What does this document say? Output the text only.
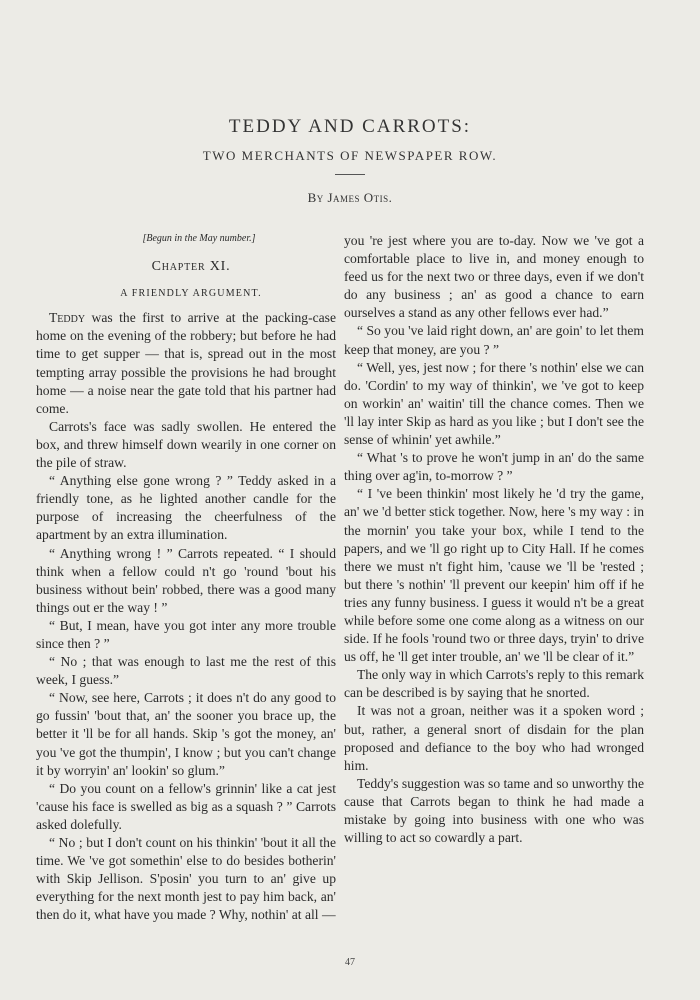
TEDDY AND CARROTS:
TWO MERCHANTS OF NEWSPAPER ROW.
By James Otis.
[Begun in the May number.]
Chapter XI.
A FRIENDLY ARGUMENT.

Teddy was the first to arrive at the packing-case home on the evening of the robbery; but before he had time to get supper — that is, spread out in the most tempting array possible the provisions he had brought home — a noise near the gate told that his partner had come.

Carrots's face was sadly swollen. He entered the box, and threw himself down wearily in one corner on the pile of straw.

“ Anything else gone wrong ? ” Teddy asked in a friendly tone, as he lighted another candle for the purpose of increasing the cheerfulness of the apartment by an extra illumination.

“ Anything wrong ! ” Carrots repeated. “ I should think when a fellow could n't go 'round 'bout his business without bein' robbed, there was a good many things out er the way ! ”

“ But, I mean, have you got inter any more trouble since then ? ”

“ No ; that was enough to last me the rest of this week, I guess.”

“ Now, see here, Carrots ; it does n't do any good to go fussin' 'bout that, an' the sooner you brace up, the better it 'll be for all hands. Skip 's got the money, an' you 've got the thumpin', I know ; but you can't change it by worryin' an' lookin' so glum.”

“ Do you count on a fellow's grinnin' like a cat jest 'cause his face is swelled as big as a squash ? ” Carrots asked dolefully.

“ No ; but I don't count on his thinkin' 'bout it all the time. We 've got somethin' else to do besides botherin' with Skip Jellison. S'posin' you turn to an' give up everything for the next month jest to pay him back, an' then do it, what have you made ? Why, nothin' at all —

you 're jest where you are to-day. Now we 've got a comfortable place to live in, and money enough to feed us for the next two or three days, even if we don't do any business ; an' as good a chance to earn ourselves a stand as any other fellows ever had.”

“ So you 've laid right down, an' are goin' to let them keep that money, are you ? ”

“ Well, yes, jest now ; for there 's nothin' else we can do. 'Cordin' to my way of thinkin', we 've got to keep on workin' an' waitin' till the chance comes. Then we 'll lay inter Skip as hard as you like ; but I don't see the sense of whinin' yet awhile.”

“ What 's to prove he won't jump in an' do the same thing over ag'in, to-morrow ? ”

“ I 've been thinkin' most likely he 'd try the game, an' we 'd better stick together. Now, here 's my way : in the mornin' you take your box, while I tend to the papers, and we 'll go right up to City Hall. If he comes there we must n't fight him, 'cause we 'll be 'rested ; but there 's nothin' 'll prevent our keepin' him off if he tries any funny business. I guess it would n't be a great while before some one come along as a witness on our side. If he fools 'round two or three days, tryin' to drive us off, he 'll get inter trouble, an' we 'll be clear of it.”

The only way in which Carrots's reply to this remark can be described is by saying that he snorted.

It was not a groan, neither was it a spoken word ; but, rather, a general snort of disdain for the plan proposed and defiance to the boy who had wronged him.

Teddy's suggestion was so tame and so unworthy the cause that Carrots began to think he had made a mistake by going into business with one who was willing to act so cowardly a part.

47
